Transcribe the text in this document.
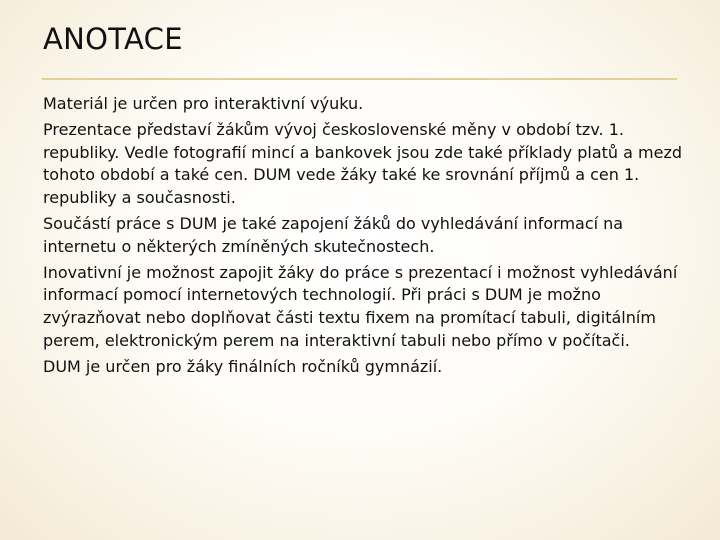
ANOTACE

Materiál je určen pro interaktivní výuku.

Prezentace představí žákům vývoj československé měny v období tzv. 1. republiky. Vedle fotografií mincí a bankovek jsou zde také příklady platů a mezd tohoto období a také cen. DUM vede žáky také ke srovnání příjmů a cen 1. republiky a současnosti.

Součástí práce s DUM je také zapojení žáků do vyhledávání informací na internetu o některých zmíněných skutečnostech.

Inovativní je možnost zapojit žáky do práce s prezentací i možnost vyhledávání informací pomocí internetových technologií. Při práci s DUM je možno zvýrazňovat nebo doplňovat části textu fixem na promítací tabuli, digitálním perem, elektronickým perem na interaktivní tabuli nebo přímo v počítači.

DUM je určen pro žáky finálních ročníků gymnázií.
